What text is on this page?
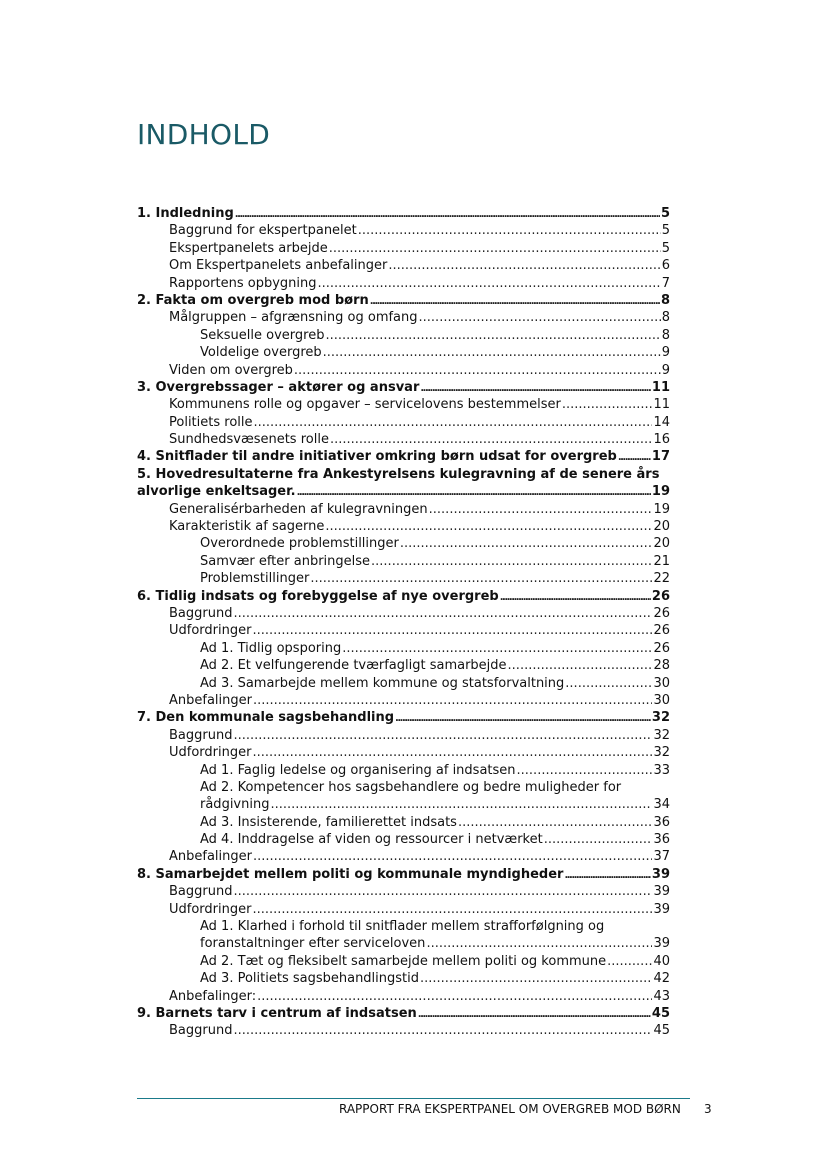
INDHOLD
1. Indledning .....	5
Baggrund for ekspertpanelet .....	5
Ekspertpanelets arbejde .....	5
Om Ekspertpanelets anbefalinger .....	6
Rapportens opbygning .....	7
2. Fakta om overgreb mod børn .....	8
Målgruppen – afgrænsning og omfang .....	8
Seksuelle overgreb .....	8
Voldelige overgreb .....	9
Viden om overgreb .....	9
3. Overgrebssager – aktører og ansvar .....	11
Kommunens rolle og opgaver – servicelovens bestemmelser .....	11
Politiets rolle .....	14
Sundhedsvæsenets rolle .....	16
4. Snitflader til andre initiativer omkring børn udsat for overgreb .....	17
5. Hovedresultaterne fra Ankestyrelsens kulegravning af de senere års
alvorlige enkeltsager. .....	19
Generalisérbarheden af kulegravningen .....	19
Karakteristik af sagerne .....	20
Overordnede problemstillinger .....	20
Samvær efter anbringelse .....	21
Problemstillinger .....	22
6. Tidlig indsats og forebyggelse af nye overgreb .....	26
Baggrund .....	26
Udfordringer .....	26
Ad 1. Tidlig opsporing .....	26
Ad 2. Et velfungerende tværfagligt samarbejde .....	28
Ad 3. Samarbejde mellem kommune og statsforvaltning .....	30
Anbefalinger .....	30
7. Den kommunale sagsbehandling .....	32
Baggrund .....	32
Udfordringer .....	32
Ad 1. Faglig ledelse og organisering af indsatsen .....	33
Ad 2. Kompetencer hos sagsbehandlere og bedre muligheder for
rådgivning .....	34
Ad 3. Insisterende, familierettet indsats .....	36
Ad 4. Inddragelse af viden og ressourcer i netværket .....	36
Anbefalinger .....	37
8. Samarbejdet mellem politi og kommunale myndigheder .....	39
Baggrund .....	39
Udfordringer .....	39
Ad 1. Klarhed i forhold til snitflader mellem strafforfølgning og
foranstaltninger efter serviceloven .....	39
Ad 2. Tæt og fleksibelt samarbejde mellem politi og kommune .....	40
Ad 3. Politiets sagsbehandlingstid .....	42
Anbefalinger: .....	43
9. Barnets tarv i centrum af indsatsen .....	45
Baggrund .....	45
RAPPORT FRA EKSPERTPANEL OM OVERGREB MOD BØRN 3
